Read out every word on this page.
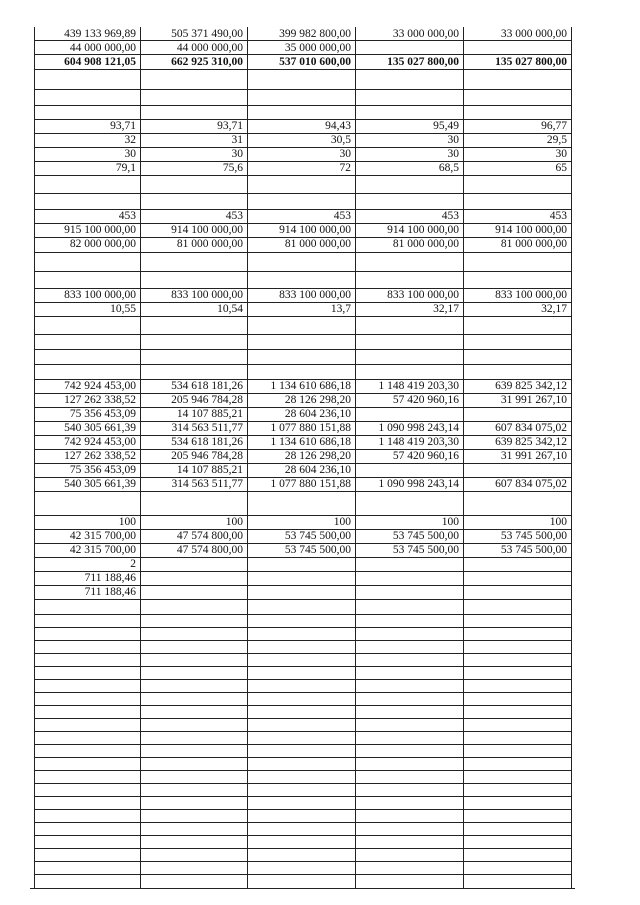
439 133 969,89	505 371 490,00	399 982 800,00	33 000 000,00	33 000 000,00
44 000 000,00	44 000 000,00	35 000 000,00
604 908 121,05	662 925 310,00	537 010 600,00	135 027 800,00	135 027 800,00
93,71	93,71	94,43	95,49	96,77
32	31	30,5	30	29,5
30	30	30	30	30
79,1	75,6	72	68,5	65
453	453	453	453	453
915 100 000,00	914 100 000,00	914 100 000,00	914 100 000,00	914 100 000,00
82 000 000,00	81 000 000,00	81 000 000,00	81 000 000,00	81 000 000,00
833 100 000,00	833 100 000,00	833 100 000,00	833 100 000,00	833 100 000,00
10,55	10,54	13,7	32,17	32,17
742 924 453,00	534 618 181,26	1 134 610 686,18	1 148 419 203,30	639 825 342,12
127 262 338,52	205 946 784,28	28 126 298,20	57 420 960,16	31 991 267,10
75 356 453,09	14 107 885,21	28 604 236,10
540 305 661,39	314 563 511,77	1 077 880 151,88	1 090 998 243,14	607 834 075,02
742 924 453,00	534 618 181,26	1 134 610 686,18	1 148 419 203,30	639 825 342,12
127 262 338,52	205 946 784,28	28 126 298,20	57 420 960,16	31 991 267,10
75 356 453,09	14 107 885,21	28 604 236,10
540 305 661,39	314 563 511,77	1 077 880 151,88	1 090 998 243,14	607 834 075,02
100	100	100	100	100
42 315 700,00	47 574 800,00	53 745 500,00	53 745 500,00	53 745 500,00
42 315 700,00	47 574 800,00	53 745 500,00	53 745 500,00	53 745 500,00
2
711 188,46
711 188,46
